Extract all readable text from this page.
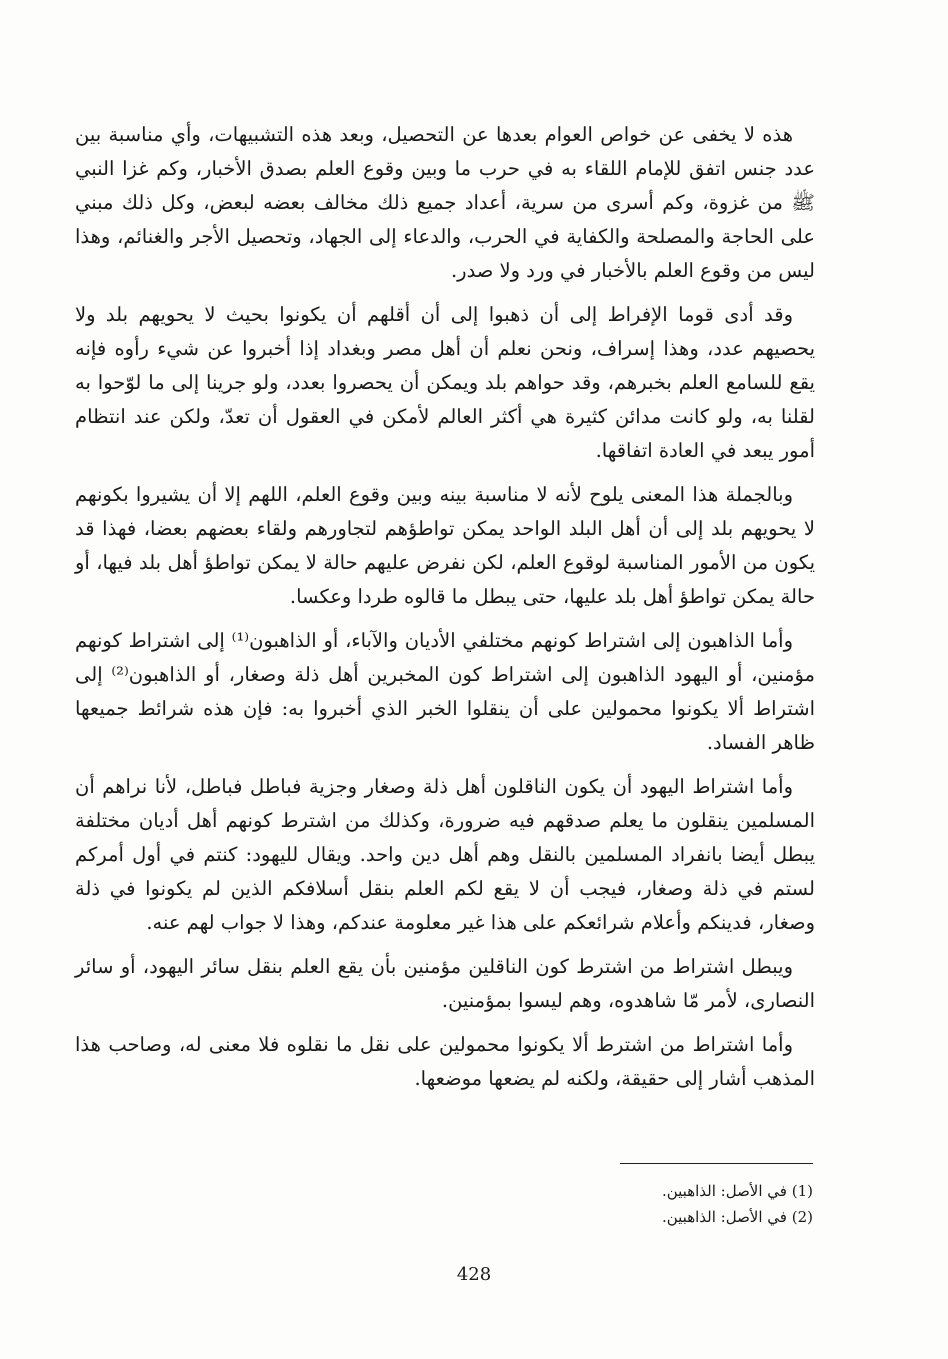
هذه لا يخفى عن خواص العوام بعدها عن التحصيل، وبعد هذه التشبيهات، وأي مناسبة بين عدد جنس اتفق للإمام اللقاء به في حرب ما وبين وقوع العلم بصدق الأخبار، وكم غزا النبي ﷺ من غزوة، وكم أسرى من سرية، أعداد جميع ذلك مخالف بعضه لبعض، وكل ذلك مبني على الحاجة والمصلحة والكفاية في الحرب، والدعاء إلى الجهاد، وتحصيل الأجر والغنائم، وهذا ليس من وقوع العلم بالأخبار في ورد ولا صدر.

وقد أدى قوما الإفراط إلى أن ذهبوا إلى أن أقلهم أن يكونوا بحيث لا يحويهم بلد ولا يحصيهم عدد، وهذا إسراف، ونحن نعلم أن أهل مصر وبغداد إذا أخبروا عن شيء رأوه فإنه يقع للسامع العلم بخبرهم، وقد حواهم بلد ويمكن أن يحصروا بعدد، ولو جرينا إلى ما لوّحوا به لقلنا به، ولو كانت مدائن كثيرة هي أكثر العالم لأمكن في العقول أن تعدّ، ولكن عند انتظام أمور يبعد في العادة اتفاقها.

وبالجملة هذا المعنى يلوح لأنه لا مناسبة بينه وبين وقوع العلم، اللهم إلا أن يشيروا بكونهم لا يحويهم بلد إلى أن أهل البلد الواحد يمكن تواطؤهم لتجاورهم ولقاء بعضهم بعضا، فهذا قد يكون من الأمور المناسبة لوقوع العلم، لكن نفرض عليهم حالة لا يمكن تواطؤ أهل بلد فيها، أو حالة يمكن تواطؤ أهل بلد عليها، حتى يبطل ما قالوه طردا وعكسا.

وأما الذاهبون إلى اشتراط كونهم مختلفي الأديان والآباء، أو الذاهبون⁽¹⁾ إلى اشتراط كونهم مؤمنين، أو اليهود الذاهبون إلى اشتراط كون المخبرين أهل ذلة وصغار، أو الذاهبون⁽²⁾ إلى اشتراط ألا يكونوا محمولين على أن ينقلوا الخبر الذي أخبروا به: فإن هذه شرائط جميعها ظاهر الفساد.

وأما اشتراط اليهود أن يكون الناقلون أهل ذلة وصغار وجزية فباطل فباطل، لأنا نراهم أن المسلمين ينقلون ما يعلم صدقهم فيه ضرورة، وكذلك من اشترط كونهم أهل أديان مختلفة يبطل أيضا بانفراد المسلمين بالنقل وهم أهل دين واحد. ويقال لليهود: كنتم في أول أمركم لستم في ذلة وصغار، فيجب أن لا يقع لكم العلم بنقل أسلافكم الذين لم يكونوا في ذلة وصغار، فدينكم وأعلام شرائعكم على هذا غير معلومة عندكم، وهذا لا جواب لهم عنه.

ويبطل اشتراط من اشترط كون الناقلين مؤمنين بأن يقع العلم بنقل سائر اليهود، أو سائر النصارى، لأمر مّا شاهدوه، وهم ليسوا بمؤمنين.

وأما اشتراط من اشترط ألا يكونوا محمولين على نقل ما نقلوه فلا معنى له، وصاحب هذا المذهب أشار إلى حقيقة، ولكنه لم يضعها موضعها.

(1) في الأصل: الذاهبين.
(2) في الأصل: الذاهبين.
428
